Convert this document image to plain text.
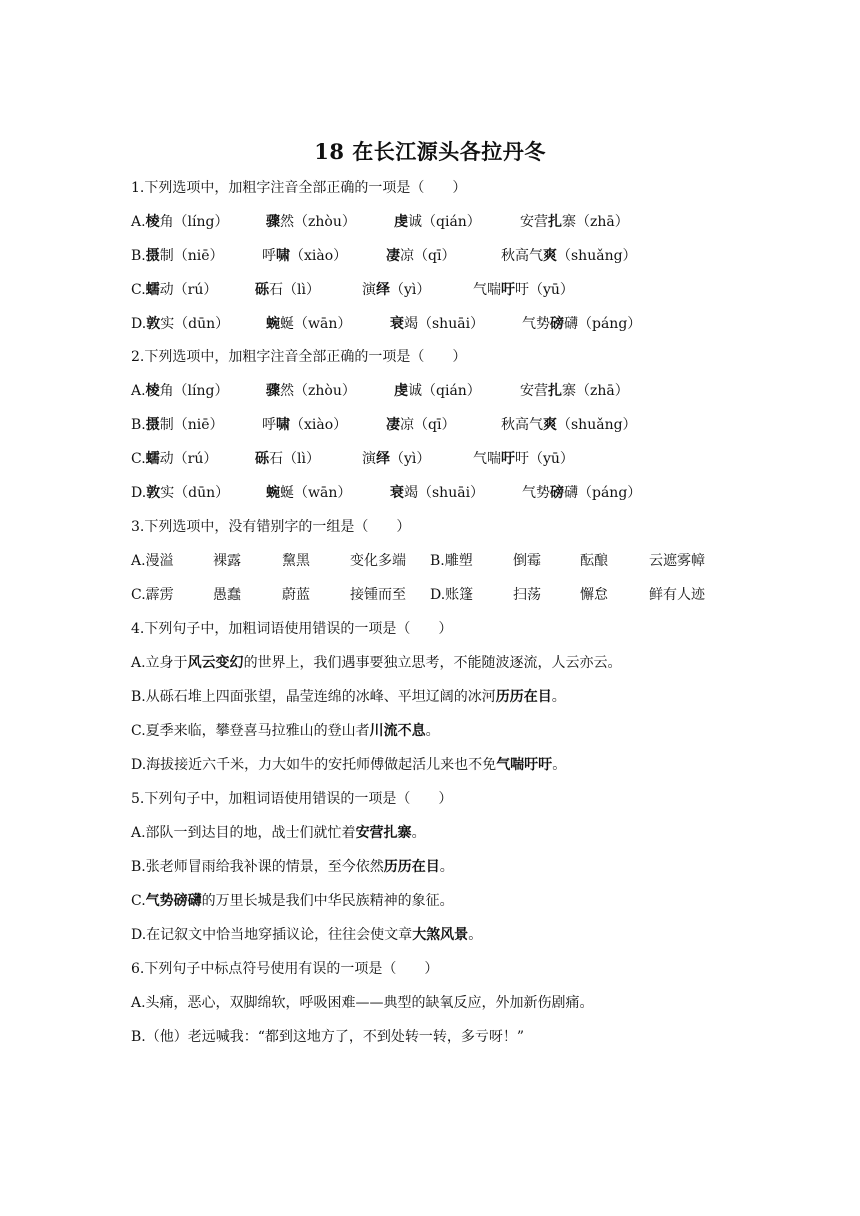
18 在长江源头各拉丹冬
1.下列选项中，加粗字注音全部正确的一项是（　　）
A.棱角（líng）	骤然（zhòu）	虔诚（qián）	安营扎寨（zhā）
B.摄制（niē）	呼啸（xiào）	凄凉（qī）	秋高气爽（shuǎng）
C.蠕动（rú）	砾石（lì）	演绎（yì）	气喘吁吁（yū）
D.敦实（dūn）	蜿蜒（wān）	衰竭（shuāi）	气势磅礴（páng）
2.下列选项中，加粗字注音全部正确的一项是（　　）
A.棱角（líng）	骤然（zhòu）	虔诚（qián）	安营扎寨（zhā）
B.摄制（niē）	呼啸（xiào）	凄凉（qī）	秋高气爽（shuǎng）
C.蠕动（rú）	砾石（lì）	演绎（yì）	气喘吁吁（yū）
D.敦实（dūn）	蜿蜒（wān）	衰竭（shuāi）	气势磅礴（páng）
3.下列选项中，没有错别字的一组是（　　）
A.漫溢	裸露	黧黑	变化多端 B.雕塑	倒霉	酝酿	云遮雾幛
C.霹雳	愚蠢	蔚蓝	接锺而至 D.账篷	扫荡	懈怠	鲜有人迹
4.下列句子中，加粗词语使用错误的一项是（　　）
A.立身于风云变幻的世界上，我们遇事要独立思考，不能随波逐流，人云亦云。
B.从砾石堆上四面张望，晶莹连绵的冰峰、平坦辽阔的冰河历历在目。
C.夏季来临，攀登喜马拉雅山的登山者川流不息。
D.海拔接近六千米，力大如牛的安托师傅做起活儿来也不免气喘吁吁。
5.下列句子中，加粗词语使用错误的一项是（　　）
A.部队一到达目的地，战士们就忙着安营扎寨。
B.张老师冒雨给我补课的情景，至今依然历历在目。
C.气势磅礴的万里长城是我们中华民族精神的象征。
D.在记叙文中恰当地穿插议论，往往会使文章大煞风景。
6.下列句子中标点符号使用有误的一项是（　　）
A.头痛，恶心，双脚绵软，呼吸困难——典型的缺氧反应，外加新伤剧痛。
B.（他）老远喊我：“都到这地方了，不到处转一转，多亏呀！”
